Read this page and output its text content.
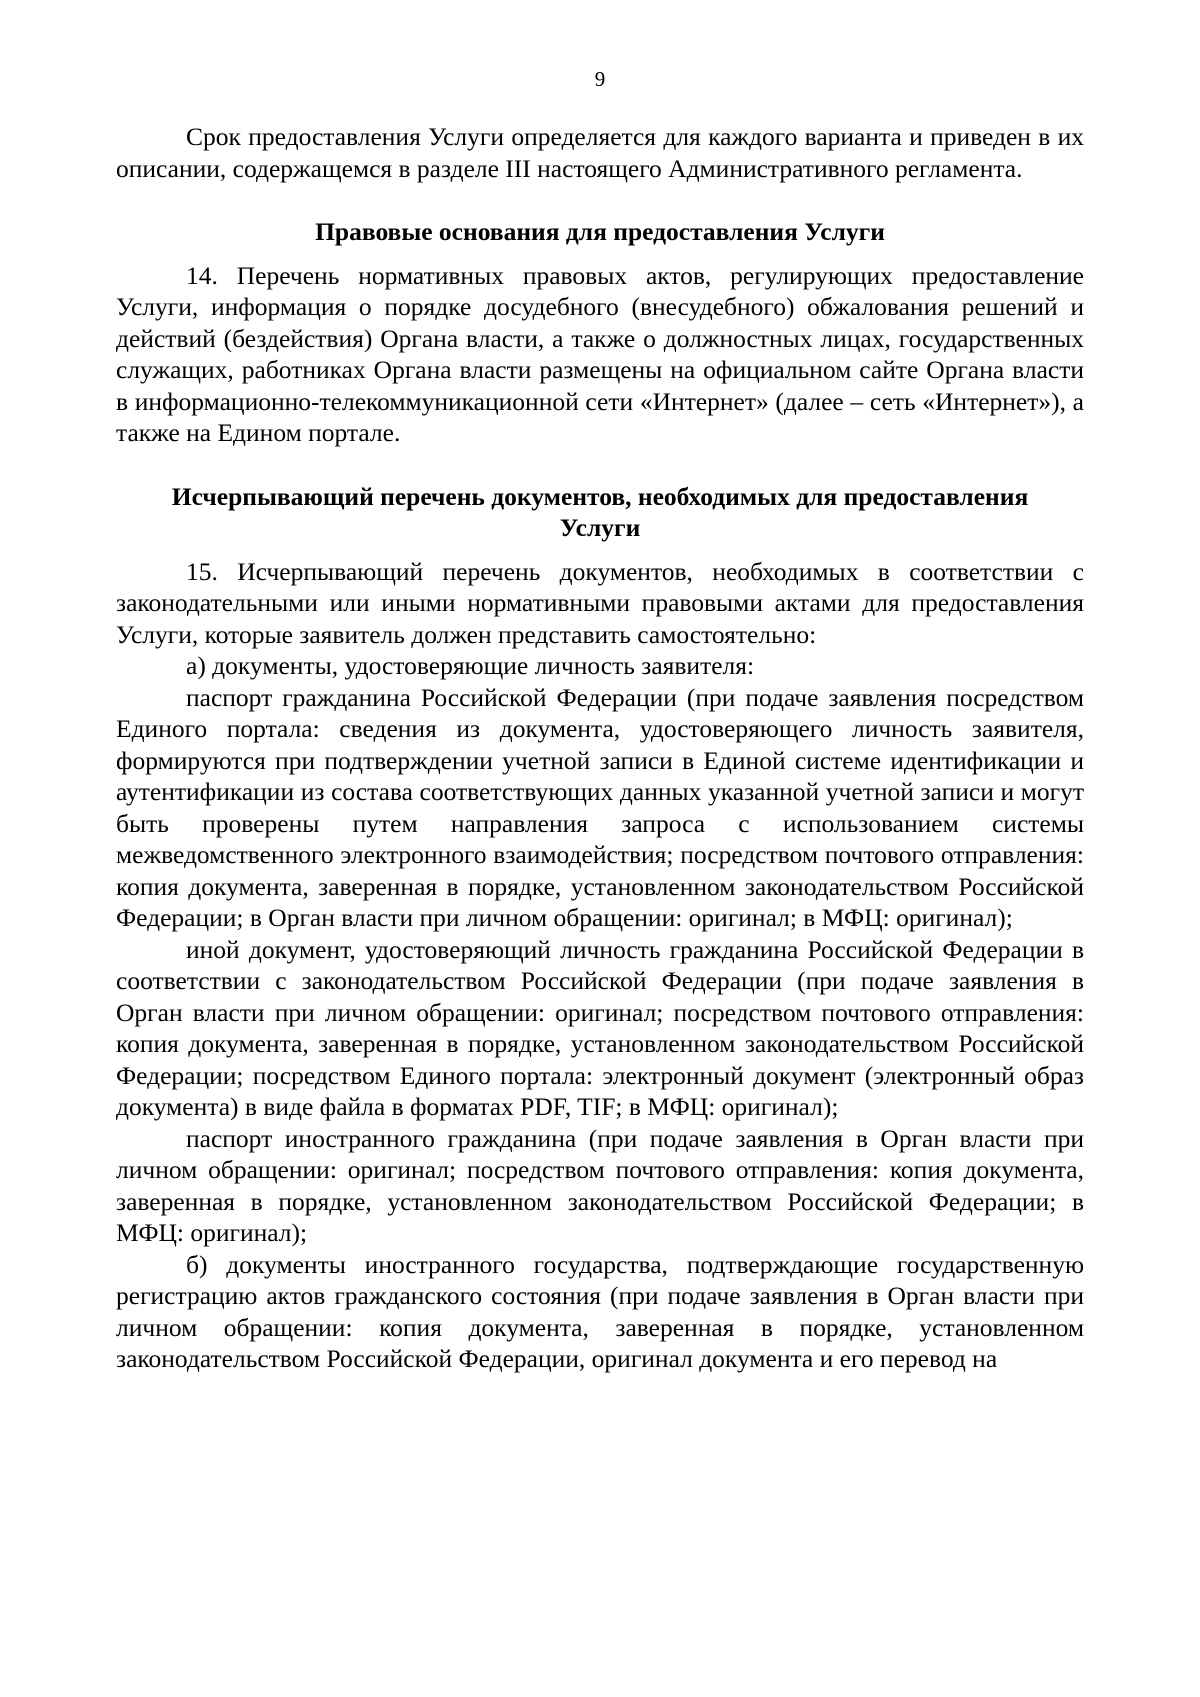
9

Срок предоставления Услуги определяется для каждого варианта и приведен в их описании, содержащемся в разделе III настоящего Административного регламента.

Правовые основания для предоставления Услуги

14. Перечень нормативных правовых актов, регулирующих предоставление Услуги, информация о порядке досудебного (внесудебного) обжалования решений и действий (бездействия) Органа власти, а также о должностных лицах, государственных служащих, работниках Органа власти размещены на официальном сайте Органа власти в информационно-телекоммуникационной сети «Интернет» (далее – сеть «Интернет»), а также на Едином портале.

Исчерпывающий перечень документов, необходимых для предоставления
Услуги

15. Исчерпывающий перечень документов, необходимых в соответствии с законодательными или иными нормативными правовыми актами для предоставления Услуги, которые заявитель должен представить самостоятельно:

а) документы, удостоверяющие личность заявителя:

паспорт гражданина Российской Федерации (при подаче заявления посредством Единого портала: сведения из документа, удостоверяющего личность заявителя, формируются при подтверждении учетной записи в Единой системе идентификации и аутентификации из состава соответствующих данных указанной учетной записи и могут быть проверены путем направления запроса с использованием системы межведомственного электронного взаимодействия; посредством почтового отправления: копия документа, заверенная в порядке, установленном законодательством Российской Федерации; в Орган власти при личном обращении: оригинал; в МФЦ: оригинал);

иной документ, удостоверяющий личность гражданина Российской Федерации в соответствии с законодательством Российской Федерации (при подаче заявления в Орган власти при личном обращении: оригинал; посредством почтового отправления: копия документа, заверенная в порядке, установленном законодательством Российской Федерации; посредством Единого портала: электронный документ (электронный образ документа) в виде файла в форматах PDF, TIF; в МФЦ: оригинал);

паспорт иностранного гражданина (при подаче заявления в Орган власти при личном обращении: оригинал; посредством почтового отправления: копия документа, заверенная в порядке, установленном законодательством Российской Федерации; в МФЦ: оригинал);

б) документы иностранного государства, подтверждающие государственную регистрацию актов гражданского состояния (при подаче заявления в Орган власти при личном обращении: копия документа, заверенная в порядке, установленном законодательством Российской Федерации, оригинал документа и его перевод на
